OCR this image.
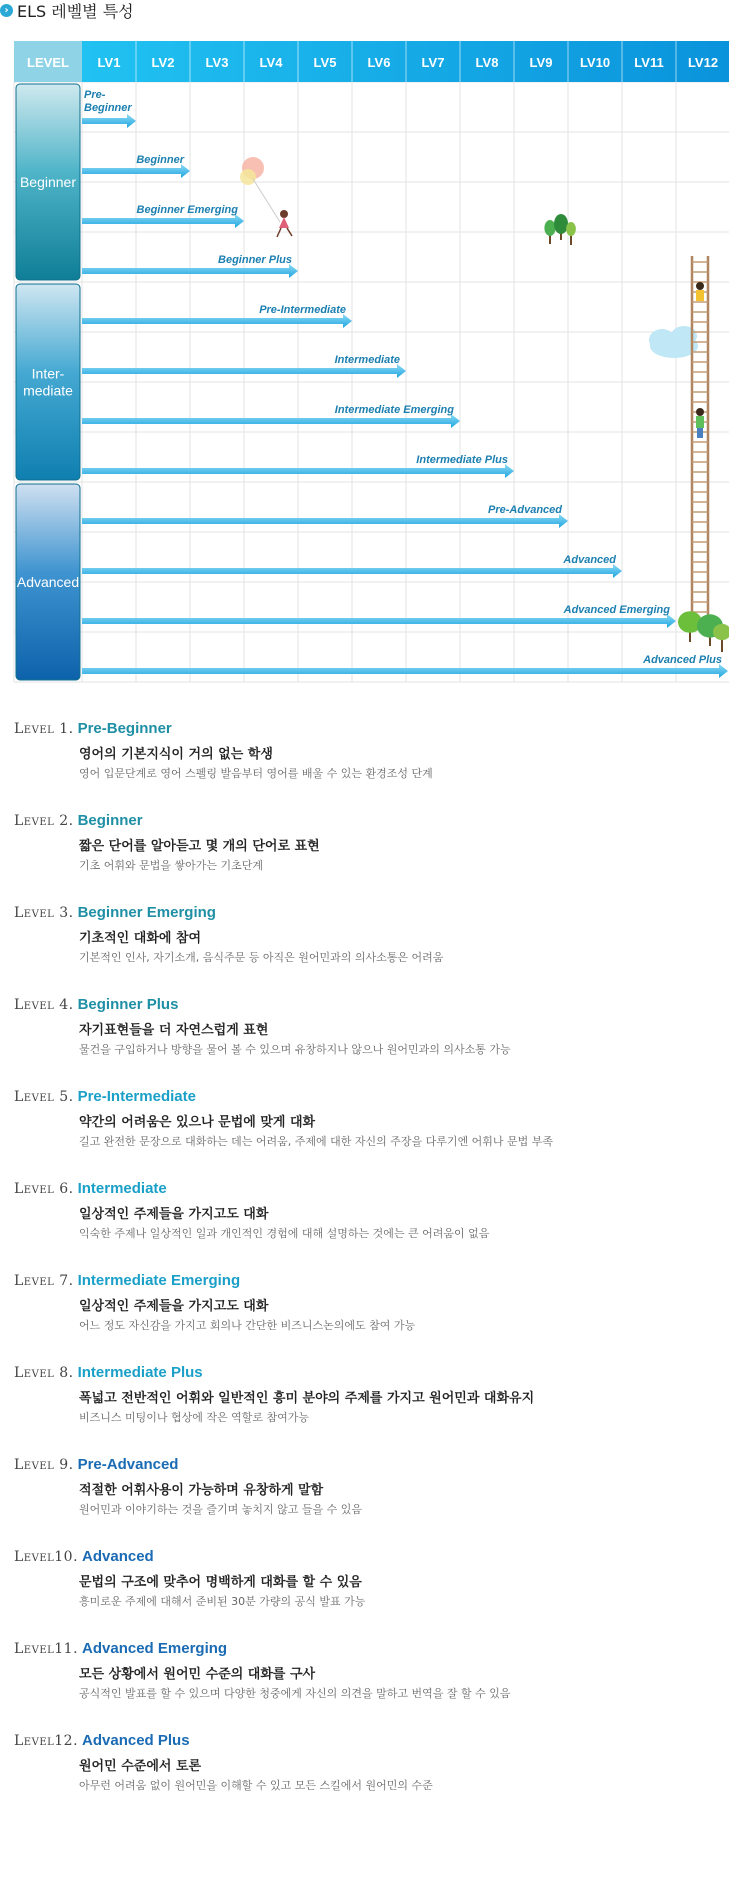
› ELS 레벨별 특성
LEVEL LV1 LV2 LV3 LV4 LV5 LV6 LV7 LV8 LV9 LV10 LV11 LV12
Beginner
Inter-
mediate
Advanced
Pre-
Beginner
Beginner
Beginner Emerging
Beginner Plus
Pre-Intermediate
Intermediate
Intermediate Emerging
Intermediate Plus
Pre-Advanced
Advanced
Advanced Emerging
Advanced Plus
Level 1. Pre-Beginner
영어의 기본지식이 거의 없는 학생
영어 입문단계로 영어 스펠링 발음부터 영어를 배울 수 있는 환경조성 단계
Level 2. Beginner
짧은 단어를 알아듣고 몇 개의 단어로 표현
기초 어휘와 문법을 쌓아가는 기초단계
Level 3. Beginner Emerging
기초적인 대화에 참여
기본적인 인사, 자기소개, 음식주문 등 아직은 원어민과의 의사소통은 어려움
Level 4. Beginner Plus
자기표현들을 더 자연스럽게 표현
물건을 구입하거나 방향을 물어 볼 수 있으며 유창하지나 않으나 원어민과의 의사소통 가능
Level 5. Pre-Intermediate
약간의 어려움은 있으나 문법에 맞게 대화
길고 완전한 문장으로 대화하는 데는 어려움, 주제에 대한 자신의 주장을 다루기엔 어휘나 문법 부족
Level 6. Intermediate
일상적인 주제들을 가지고도 대화
익숙한 주제나 일상적인 일과 개인적인 경험에 대해 설명하는 것에는 큰 어려움이 없음
Level 7. Intermediate Emerging
일상적인 주제들을 가지고도 대화
어느 정도 자신감을 가지고 회의나 간단한 비즈니스논의에도 참여 가능
Level 8. Intermediate Plus
폭넓고 전반적인 어휘와 일반적인 흥미 분야의 주제를 가지고 원어민과 대화유지
비즈니스 미팅이나 협상에 작은 역할로 참여가능
Level 9. Pre-Advanced
적절한 어휘사용이 가능하며 유창하게 말함
원어민과 이야기하는 것을 즐기며 놓치지 않고 들을 수 있음
Level10. Advanced
문법의 구조에 맞추어 명백하게 대화를 할 수 있음
흥미로운 주제에 대해서 준비된 30분 가량의 공식 발표 가능
Level11. Advanced Emerging
모든 상황에서 원어민 수준의 대화를 구사
공식적인 발표를 할 수 있으며 다양한 청중에게 자신의 의견을 말하고 번역을 잘 할 수 있음
Level12. Advanced Plus
원어민 수준에서 토론
아무런 어려움 없이 원어민을 이해할 수 있고 모든 스킬에서 원어민의 수준
